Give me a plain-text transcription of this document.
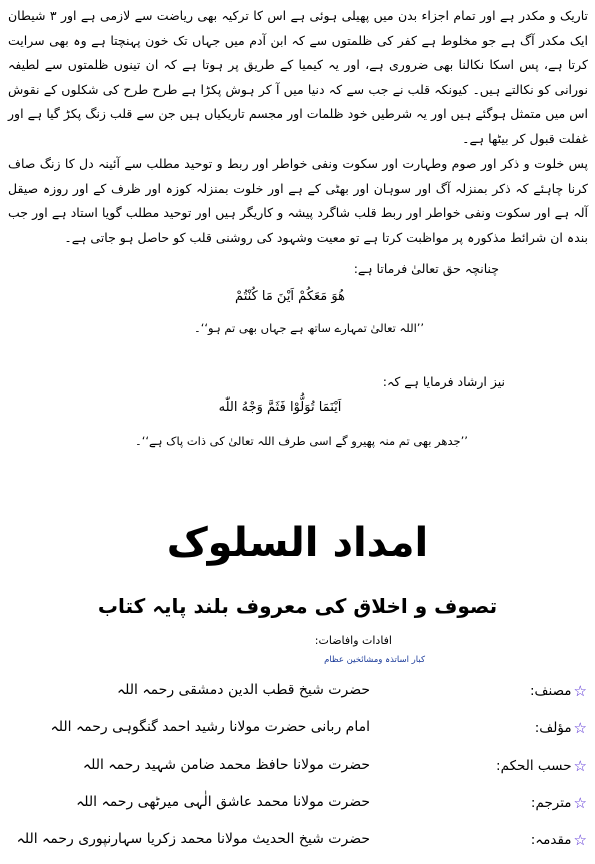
تاریک و مکدر ہے اور تمام اجزاء بدن میں پھیلی ہوئی ہے اس کا ترکیہ بھی ریاضت سے لازمی ہے اور ۳ شیطان ایک مکدر آگ ہے جو مخلوط ہے کفر کی ظلمتوں سے کہ ابن آدم میں جہاں تک خون پہنچتا ہے وہ بھی سرایت کرتا ہے، پس اسکا نکالنا بھی ضروری ہے، اور یہ کیمیا کے طریق پر ہوتا ہے کہ ان تینوں ظلمتوں سے لطیفہ نورانی کو نکالتے ہیں۔ کیونکہ قلب نے جب سے کہ دنیا میں آ کر ہوش پکڑا ہے طرح طرح کی شکلوں کے نقوش اس میں متمثل ہوگئے ہیں اور یہ شرطیں خود ظلمات اور مجسم تاریکیاں ہیں جن سے قلب زنگ پکڑ گیا ہے اور غفلت قبول کر بیٹھا ہے۔
پس خلوت و ذکر اور صوم وطہارت اور سکوت ونفی خواطر اور ربط و توحید مطلب سے آئینہ دل کا زنگ صاف کرنا چاہئے کہ ذکر بمنزلہ آگ اور سوہان اور بھٹی کے ہے اور خلوت بمنزلہ کوزہ اور ظرف کے اور روزہ صیقل آلہ ہے اور سکوت ونفی خواطر اور ربط قلب شاگرد پیشہ و کاریگر ہیں اور توحید مطلب گویا استاد ہے اور جب بندہ ان شرائط مذکورہ پر مواظبت کرتا ہے تو معیت وشہود کی روشنی قلب کو حاصل ہو جاتی ہے۔
چنانچہ حق تعالیٰ فرماتا ہے:
هُوَ مَعَكُمْ اَيْنَ مَا كُنْتُمْ
’’اللہ تعالیٰ تمہارے ساتھ ہے جہاں بھی تم ہو‘‘۔
نیز ارشاد فرمایا ہے کہ:
اَيْنَمَا تُوَلُّوْا فَثَمَّ وَجْهُ اللّٰه
’’جدھر بھی تم منہ پھیرو گے اسی طرف اللہ تعالیٰ کی ذات پاک ہے‘‘۔
امداد السلوک
تصوف و اخلاق کی معروف بلند پایہ کتاب
افادات وافاضات:
کبار اساتذہ ومشائخین عظام
☆
مصنف:
حضرت شیخ قطب الدین دمشقی رحمہ اللہ
☆
مؤلف:
امام ربانی حضرت مولانا رشید احمد گنگوہی رحمہ اللہ
☆
حسب الحکم:
حضرت مولانا حافظ محمد ضامن شہید رحمہ اللہ
☆
مترجم:
حضرت مولانا محمد عاشق الٰہی میرٹھی رحمہ اللہ
☆
مقدمہ:
حضرت شیخ الحدیث مولانا محمد زکریا سہارنپوری رحمہ اللہ
